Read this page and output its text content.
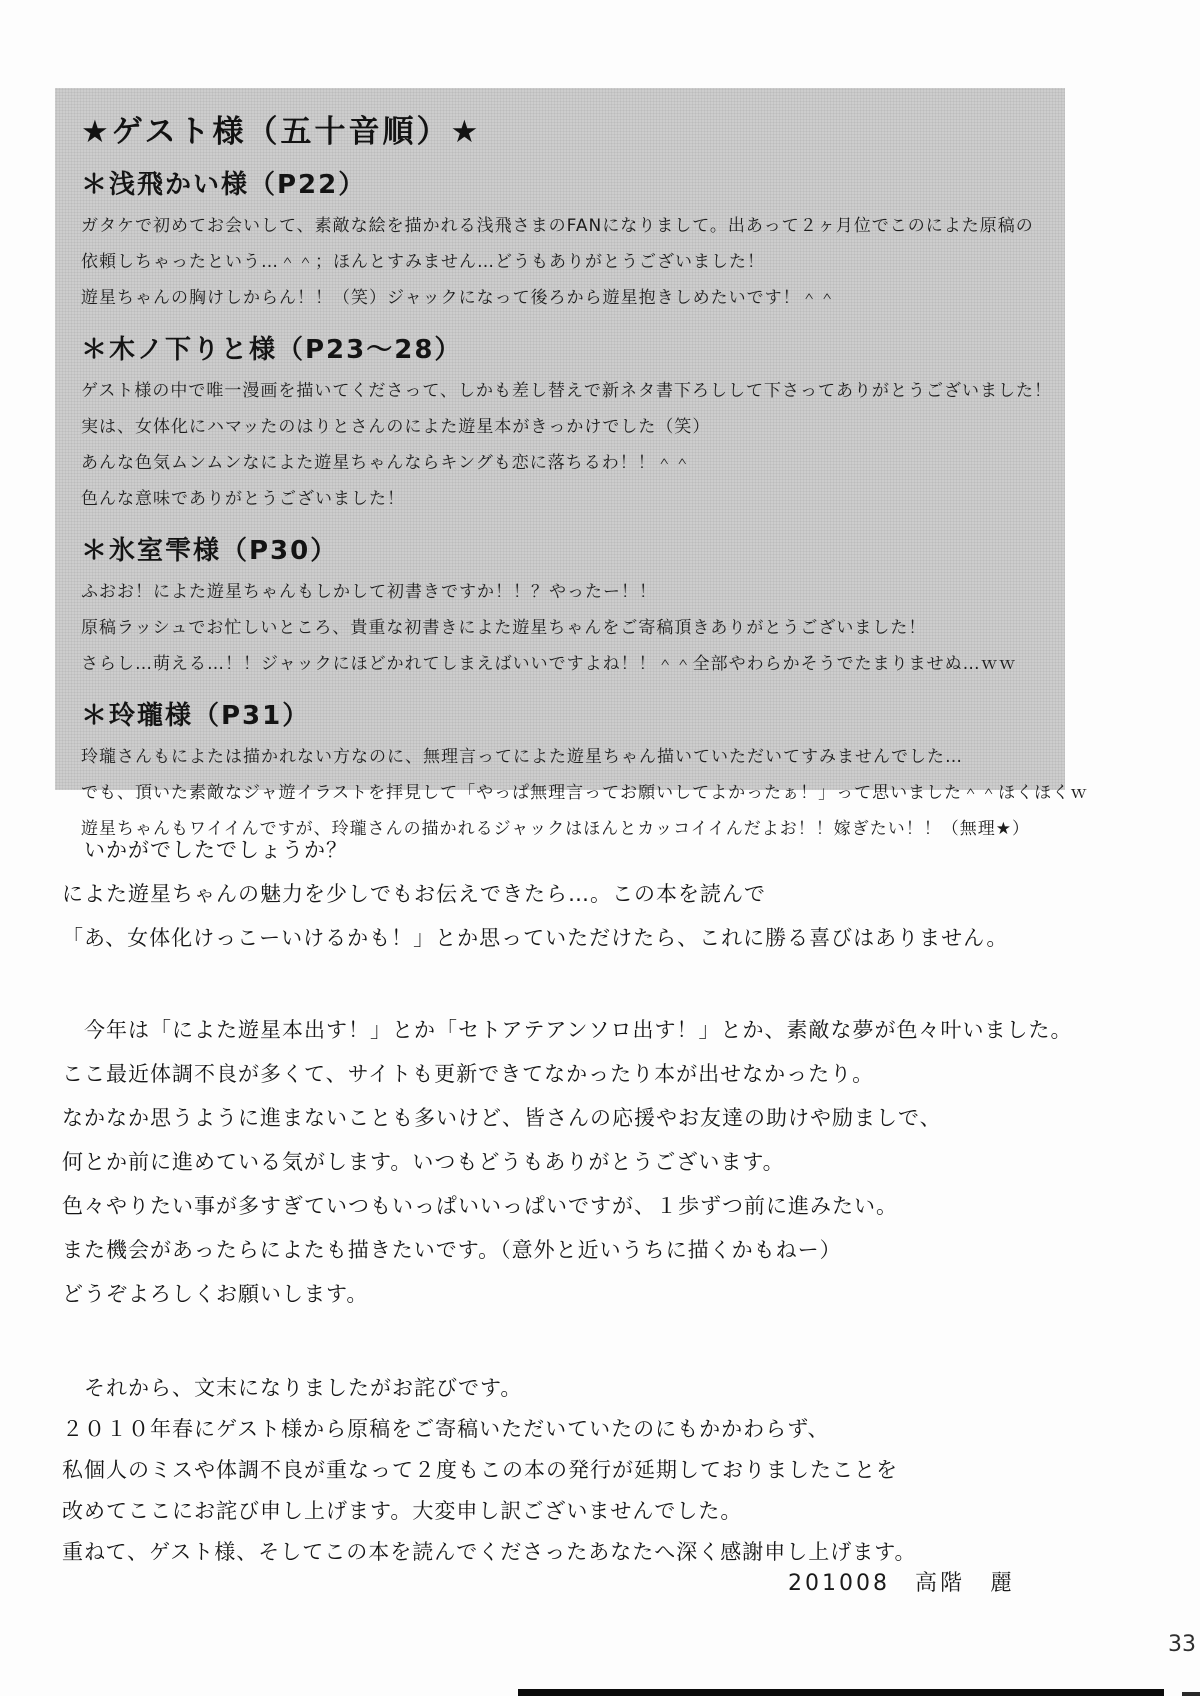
★ゲスト様（五十音順）★
＊浅飛かい様（P22）
ガタケで初めてお会いして、素敵な絵を描かれる浅飛さまのFANになりまして。出あって２ヶ月位でこのによた原稿の
依頼しちゃったという…＾＾；ほんとすみません…どうもありがとうございました！
遊星ちゃんの胸けしからん！！（笑）ジャックになって後ろから遊星抱きしめたいです！＾＾
＊木ノ下りと様（P23～28）
ゲスト様の中で唯一漫画を描いてくださって、しかも差し替えで新ネタ書下ろしして下さってありがとうございました！
実は、女体化にハマッたのはりとさんのによた遊星本がきっかけでした（笑）
あんな色気ムンムンなによた遊星ちゃんならキングも恋に落ちるわ！！＾＾
色んな意味でありがとうございました！
＊氷室雫様（P30）
ふおお！によた遊星ちゃんもしかして初書きですか！！？やったー！！
原稿ラッシュでお忙しいところ、貴重な初書きによた遊星ちゃんをご寄稿頂きありがとうございました！
さらし…萌える…！！ジャックにほどかれてしまえばいいですよね！！＾＾全部やわらかそうでたまりませぬ…ｗｗ
＊玲瓏様（P31）
玲瓏さんもによたは描かれない方なのに、無理言ってによた遊星ちゃん描いていただいてすみませんでした…
でも、頂いた素敵なジャ遊イラストを拝見して「やっぱ無理言ってお願いしてよかったぁ！」って思いました＾＾ほくほくｗ
遊星ちゃんもワイイんですが、玲瓏さんの描かれるジャックはほんとカッコイイんだよお！！嫁ぎたい！！（無理★）

　いかがでしたでしょうか？
によた遊星ちゃんの魅力を少しでもお伝えできたら…。この本を読んで
「あ、女体化けっこーいけるかも！」とか思っていただけたら、これに勝る喜びはありません。

　今年は「によた遊星本出す！」とか「セトアテアンソロ出す！」とか、素敵な夢が色々叶いました。
ここ最近体調不良が多くて、サイトも更新できてなかったり本が出せなかったり。
なかなか思うように進まないことも多いけど、皆さんの応援やお友達の助けや励ましで、
何とか前に進めている気がします。いつもどうもありがとうございます。
色々やりたい事が多すぎていつもいっぱいいっぱいですが、１歩ずつ前に進みたい。
また機会があったらによたも描きたいです。（意外と近いうちに描くかもねー）
どうぞよろしくお願いします。

　それから、文末になりましたがお詫びです。
２０１０年春にゲスト様から原稿をご寄稿いただいていたのにもかかわらず、
私個人のミスや体調不良が重なって２度もこの本の発行が延期しておりましたことを
改めてここにお詫び申し上げます。大変申し訳ございませんでした。
重ねて、ゲスト様、そしてこの本を読んでくださったあなたへ深く感謝申し上げます。

201008　高階　麗
33
